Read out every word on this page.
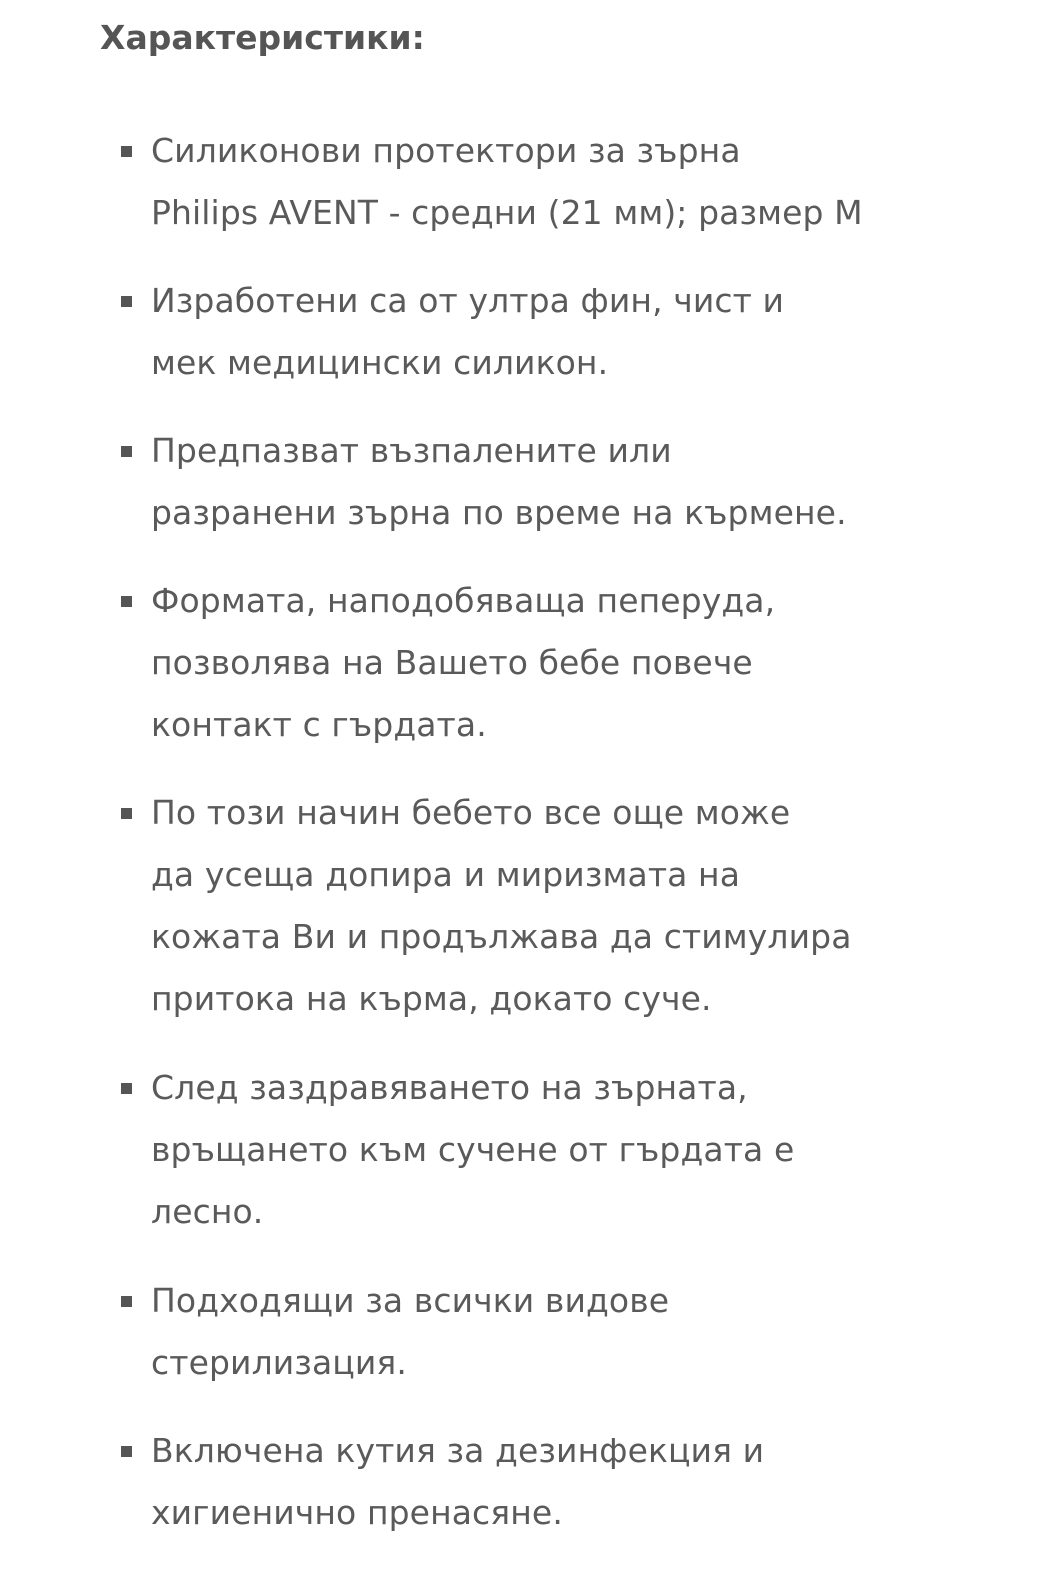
Характеристики:
Силиконови протектори за зърна
Philips AVENT - средни (21 мм); размер M
Изработени са от ултра фин, чист и
мек медицински силикон.
Предпазват възпалените или
разранени зърна по време на кърмене.
Формата, наподобяваща пеперуда,
позволява на Вашето бебе повече
контакт с гърдата.
По този начин бебето все още може
да усеща допира и миризмата на
кожата Ви и продължава да стимулира
притока на кърма, докато суче.
След заздравяването на зърната,
връщането към сучене от гърдата е
лесно.
Подходящи за всички видове
стерилизация.
Включена кутия за дезинфекция и
хигиенично пренасяне.
